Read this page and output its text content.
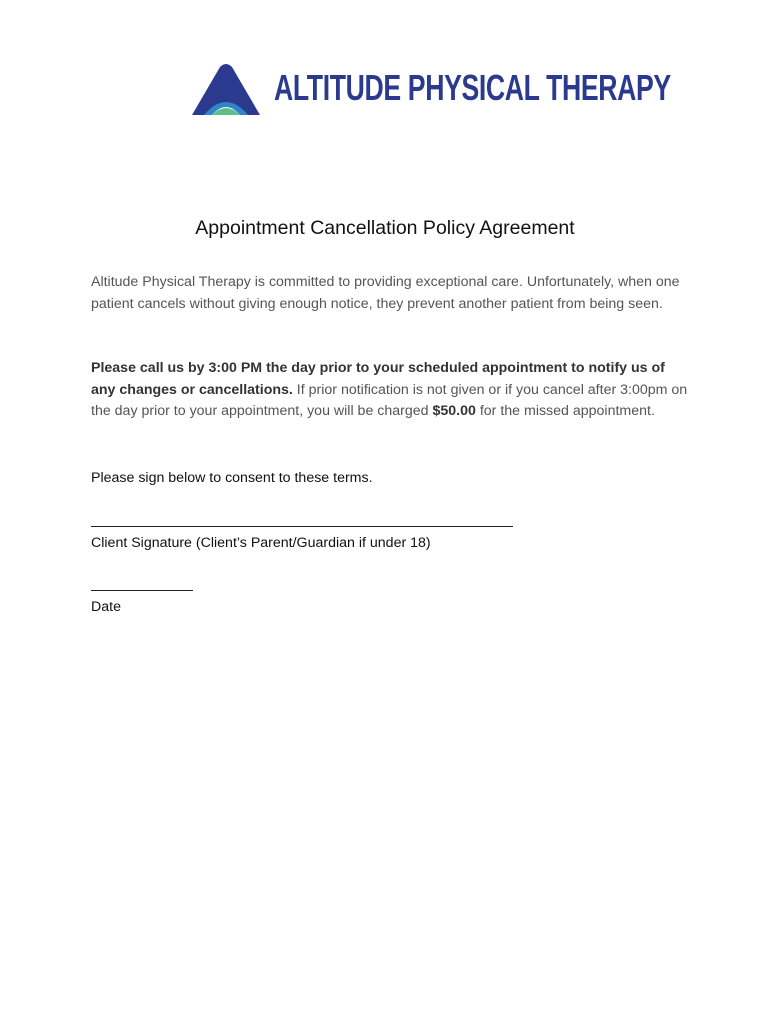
ALTITUDE PHYSICAL THERAPY
Appointment Cancellation Policy Agreement
Altitude Physical Therapy is committed to providing exceptional care. Unfortunately, when one patient cancels without giving enough notice, they prevent another patient from being seen.
Please call us by 3:00 PM the day prior to your scheduled appointment to notify us of any changes or cancellations. If prior notification is not given or if you cancel after 3:00pm on the day prior to your appointment, you will be charged $50.00 for the missed appointment.
Please sign below to consent to these terms.
Client Signature (Client’s Parent/Guardian if under 18)
Date
